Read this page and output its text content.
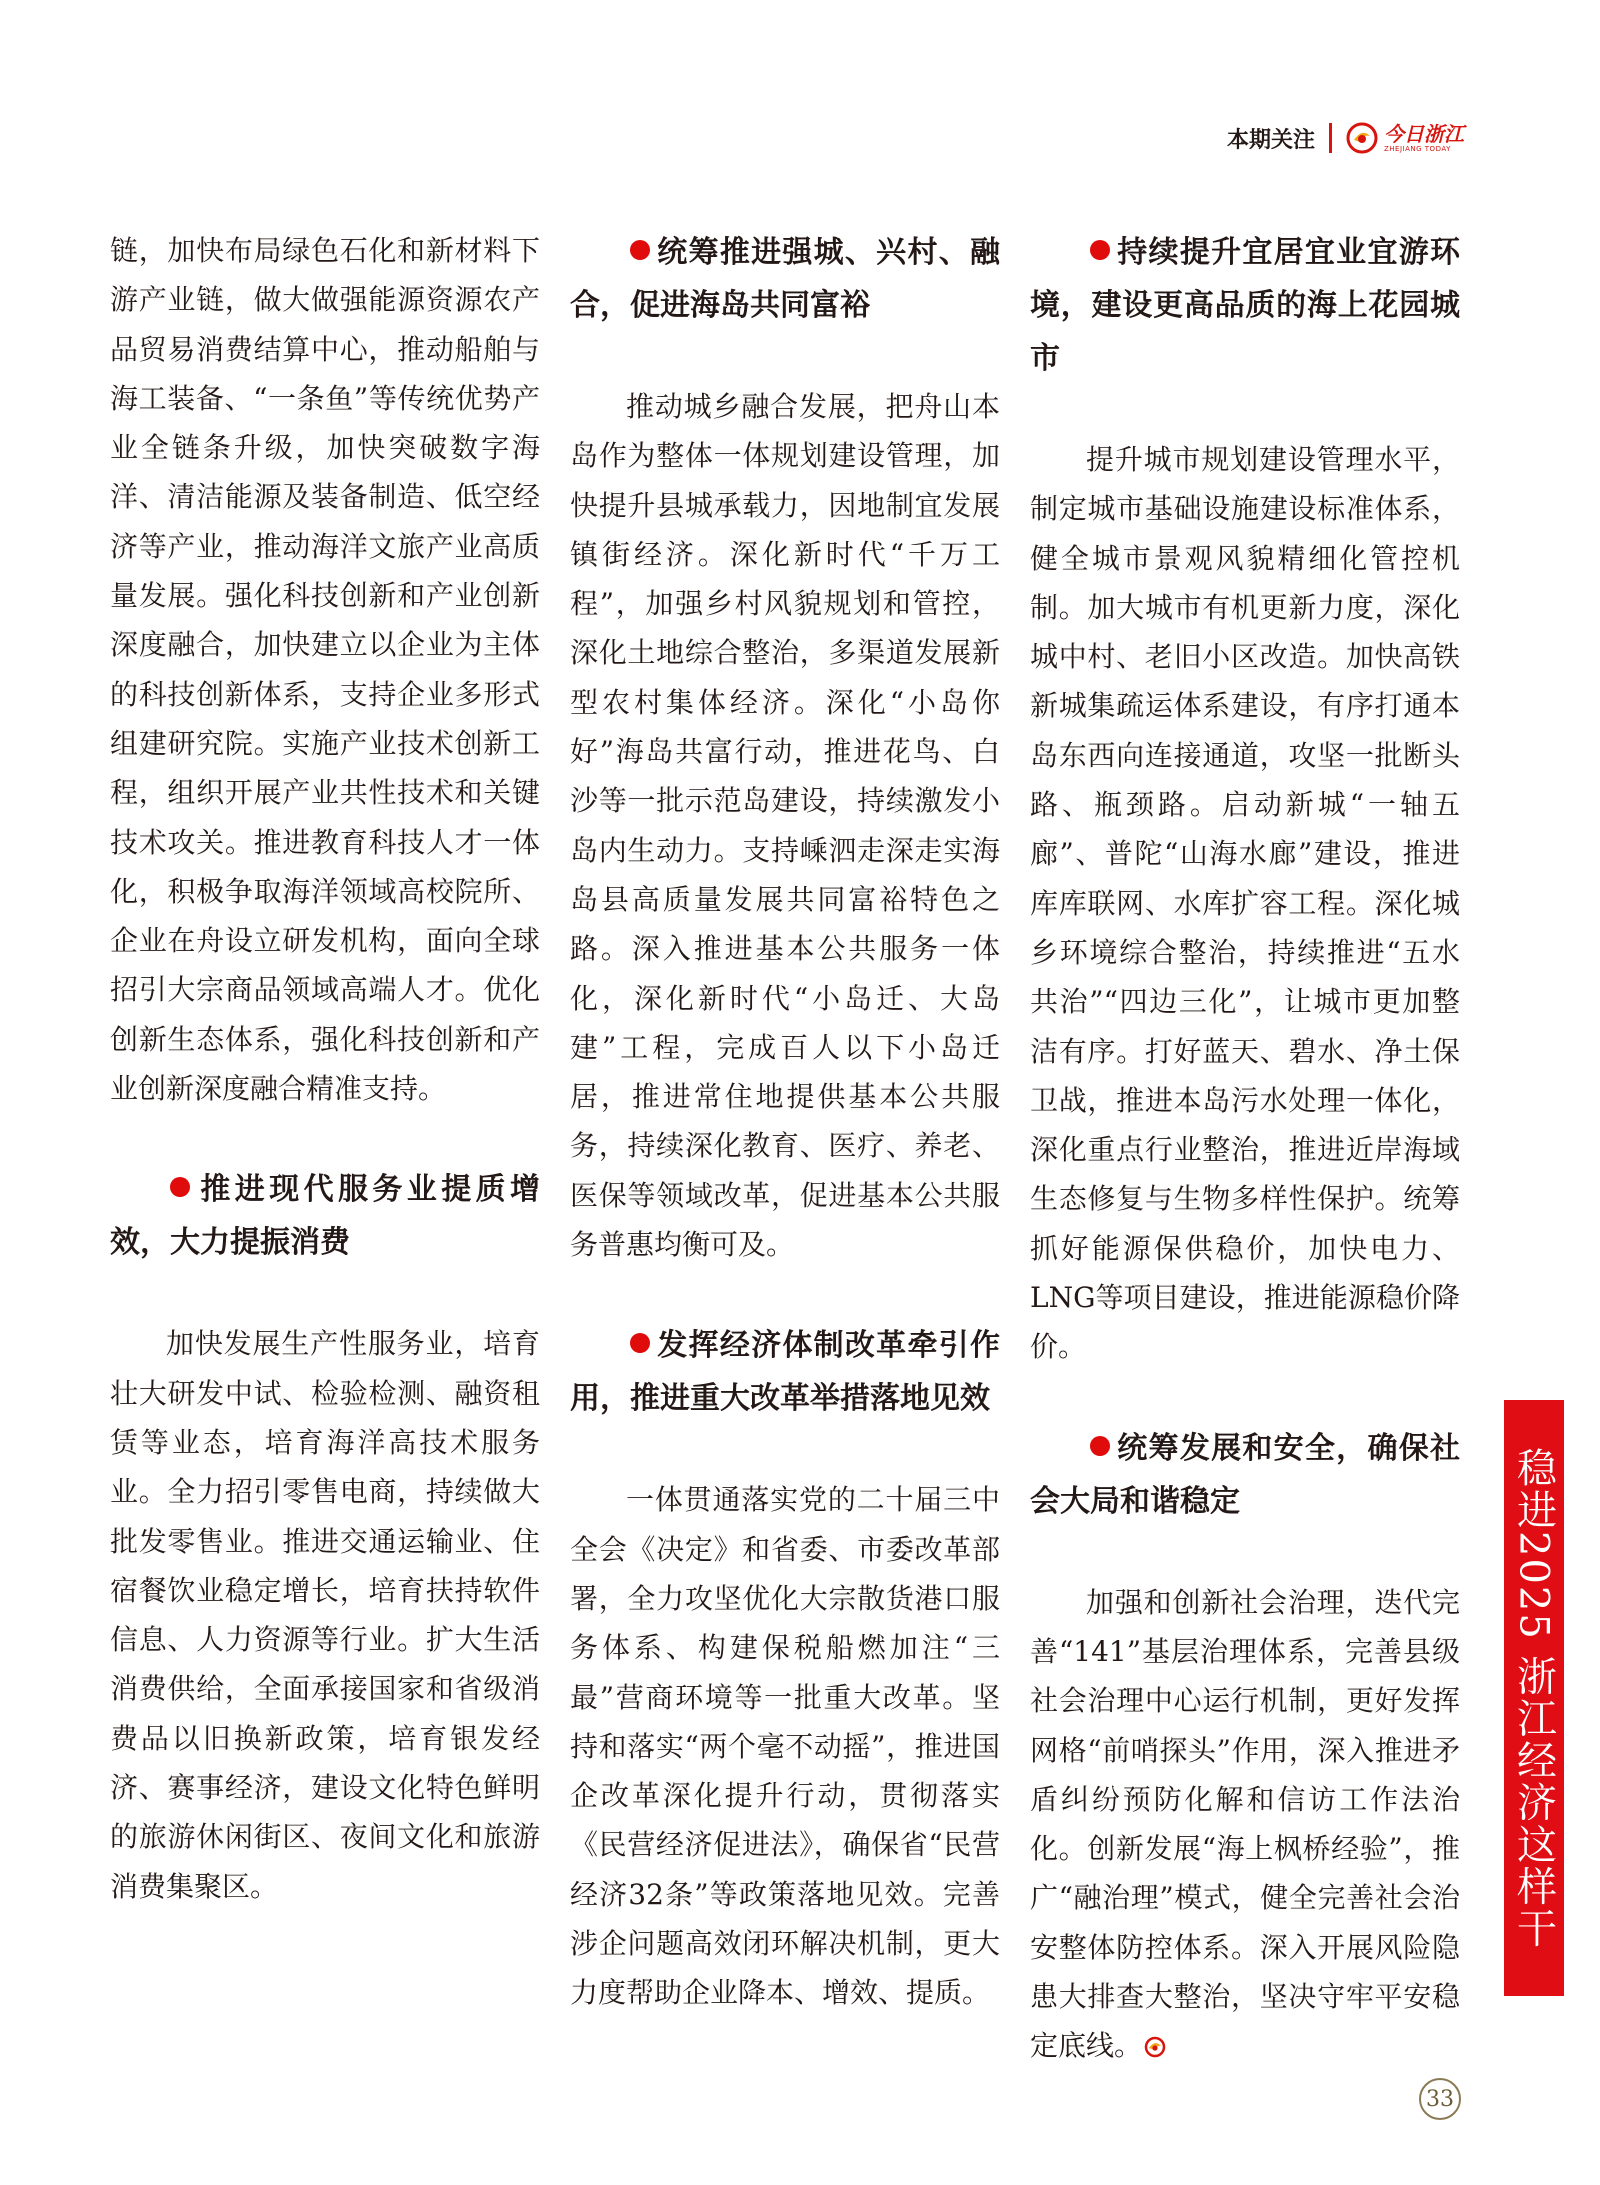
本期关注	今日浙江
ZHEJIANG TODAY

链，加快布局绿色石化和新材料下游产业链，做大做强能源资源农产品贸易消费结算中心，推动船舶与海工装备、“一条鱼”等传统优势产业全链条升级，加快突破数字海洋、清洁能源及装备制造、低空经济等产业，推动海洋文旅产业高质量发展。强化科技创新和产业创新深度融合，加快建立以企业为主体的科技创新体系，支持企业多形式组建研究院。实施产业技术创新工程，组织开展产业共性技术和关键技术攻关。推进教育科技人才一体化，积极争取海洋领域高校院所、企业在舟设立研发机构，面向全球招引大宗商品领域高端人才。优化创新生态体系，强化科技创新和产业创新深度融合精准支持。

推进现代服务业提质增效，大力提振消费

加快发展生产性服务业，培育壮大研发中试、检验检测、融资租赁等业态，培育海洋高技术服务业。全力招引零售电商，持续做大批发零售业。推进交通运输业、住宿餐饮业稳定增长，培育扶持软件信息、人力资源等行业。扩大生活消费供给，全面承接国家和省级消费品以旧换新政策，培育银发经济、赛事经济，建设文化特色鲜明的旅游休闲街区、夜间文化和旅游消费集聚区。

统筹推进强城、兴村、融合，促进海岛共同富裕

推动城乡融合发展，把舟山本岛作为整体一体规划建设管理，加快提升县城承载力，因地制宜发展镇街经济。深化新时代“千万工程”，加强乡村风貌规划和管控，深化土地综合整治，多渠道发展新型农村集体经济。深化“小岛你好”海岛共富行动，推进花鸟、白沙等一批示范岛建设，持续激发小岛内生动力。支持嵊泗走深走实海岛县高质量发展共同富裕特色之路。深入推进基本公共服务一体化，深化新时代“小岛迁、大岛建”工程，完成百人以下小岛迁居，推进常住地提供基本公共服务，持续深化教育、医疗、养老、医保等领域改革，促进基本公共服务普惠均衡可及。

发挥经济体制改革牵引作用，推进重大改革举措落地见效

一体贯通落实党的二十届三中全会《决定》和省委、市委改革部署，全力攻坚优化大宗散货港口服务体系、构建保税船燃加注“三最”营商环境等一批重大改革。坚持和落实“两个毫不动摇”，推进国企改革深化提升行动，贯彻落实《民营经济促进法》，确保省“民营经济32条”等政策落地见效。完善涉企问题高效闭环解决机制，更大力度帮助企业降本、增效、提质。

持续提升宜居宜业宜游环境，建设更高品质的海上花园城市

提升城市规划建设管理水平，制定城市基础设施建设标准体系，健全城市景观风貌精细化管控机制。加大城市有机更新力度，深化城中村、老旧小区改造。加快高铁新城集疏运体系建设，有序打通本岛东西向连接通道，攻坚一批断头路、瓶颈路。启动新城“一轴五廊”、普陀“山海水廊”建设，推进库库联网、水库扩容工程。深化城乡环境综合整治，持续推进“五水共治”“四边三化”，让城市更加整洁有序。打好蓝天、碧水、净土保卫战，推进本岛污水处理一体化，深化重点行业整治，推进近岸海域生态修复与生物多样性保护。统筹抓好能源保供稳价，加快电力、LNG等项目建设，推进能源稳价降价。

统筹发展和安全，确保社会大局和谐稳定

加强和创新社会治理，迭代完善“141”基层治理体系，完善县级社会治理中心运行机制，更好发挥网格“前哨探头”作用，深入推进矛盾纠纷预防化解和信访工作法治化。创新发展“海上枫桥经验”，推广“融治理”模式，健全完善社会治安整体防控体系。深入开展风险隐患大排查大整治，坚决守牢平安稳定底线。

稳进2025 浙江经济这样干
33
